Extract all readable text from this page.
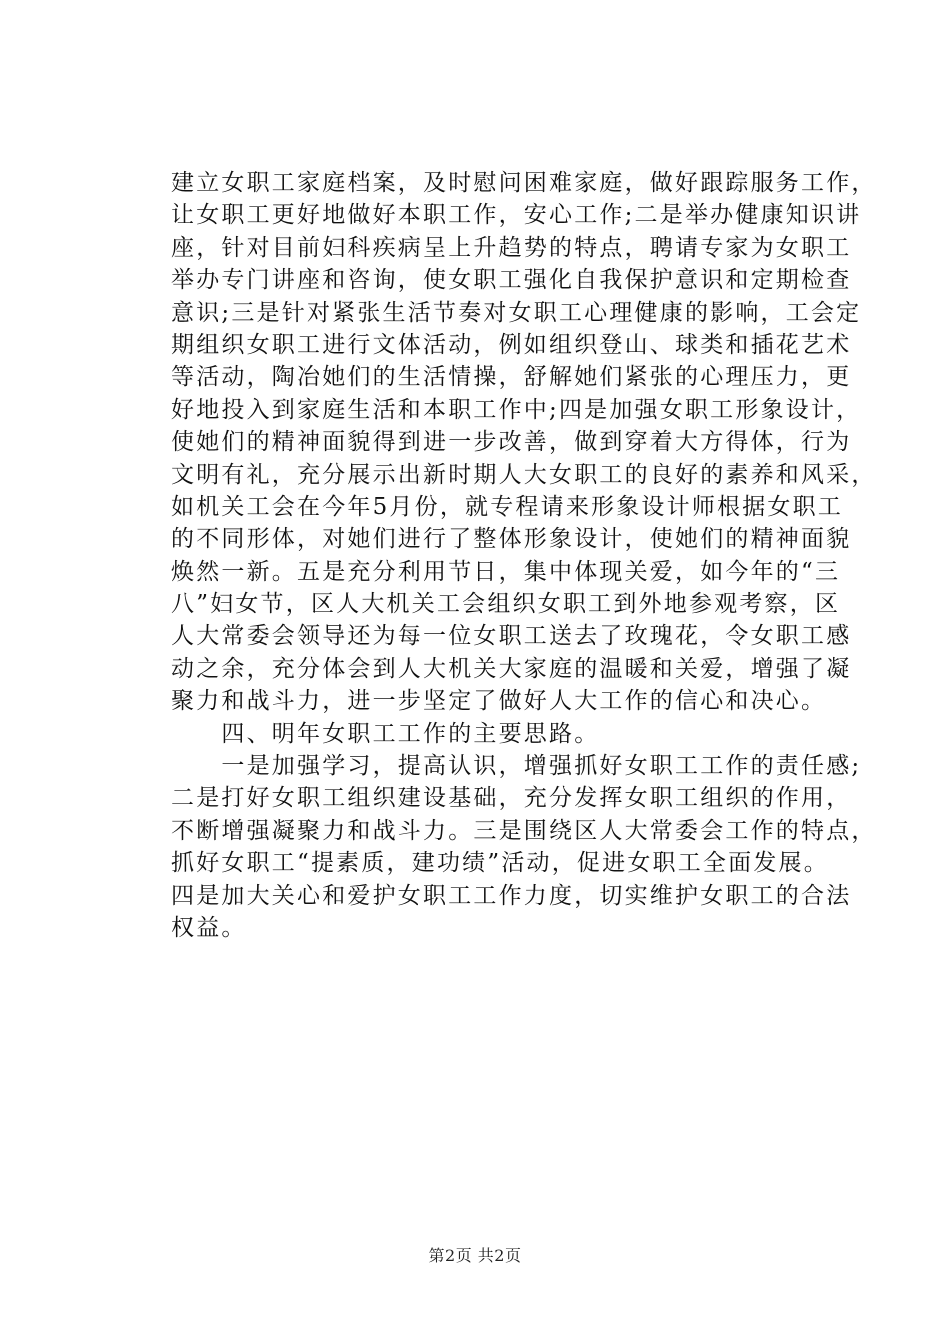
建立女职工家庭档案，及时慰问困难家庭，做好跟踪服务工作，
让女职工更好地做好本职工作，安心工作;二是举办健康知识讲
座，针对目前妇科疾病呈上升趋势的特点，聘请专家为女职工
举办专门讲座和咨询，使女职工强化自我保护意识和定期检查
意识;三是针对紧张生活节奏对女职工心理健康的影响，工会定
期组织女职工进行文体活动，例如组织登山、球类和插花艺术
等活动，陶冶她们的生活情操，舒解她们紧张的心理压力，更
好地投入到家庭生活和本职工作中;四是加强女职工形象设计，
使她们的精神面貌得到进一步改善，做到穿着大方得体，行为
文明有礼，充分展示出新时期人大女职工的良好的素养和风采，
如机关工会在今年5月份，就专程请来形象设计师根据女职工
的不同形体，对她们进行了整体形象设计，使她们的精神面貌
焕然一新。五是充分利用节日，集中体现关爱，如今年的“三
八”妇女节，区人大机关工会组织女职工到外地参观考察，区
人大常委会领导还为每一位女职工送去了玫瑰花，令女职工感
动之余，充分体会到人大机关大家庭的温暖和关爱，增强了凝
聚力和战斗力，进一步坚定了做好人大工作的信心和决心。
　　四、明年女职工工作的主要思路。
　　一是加强学习，提高认识，增强抓好女职工工作的责任感;
二是打好女职工组织建设基础，充分发挥女职工组织的作用，
不断增强凝聚力和战斗力。三是围绕区人大常委会工作的特点，
抓好女职工“提素质，建功绩”活动，促进女职工全面发展。
四是加大关心和爱护女职工工作力度，切实维护女职工的合法
权益。
第2页 共2页
